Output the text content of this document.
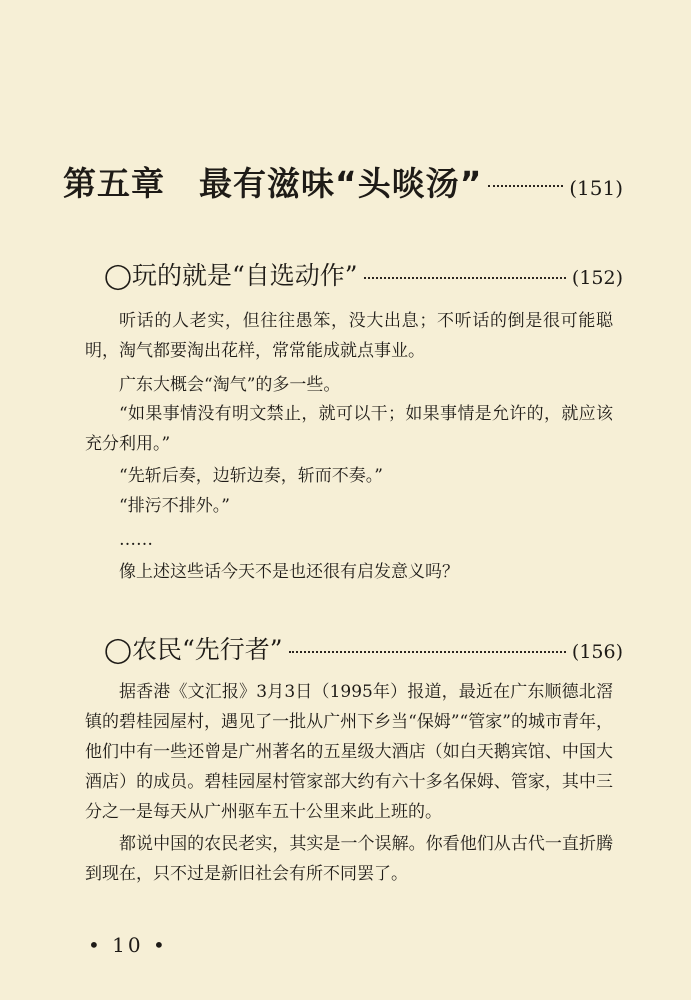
第五章　最有滋味“头啖汤”	(151)
◯玩的就是“自选动作”	(152)

听话的人老实，但往往愚笨，没大出息；不听话的倒是很可能聪明，淘气都要淘出花样，常常能成就点事业。

广东大概会“淘气”的多一些。

“如果事情没有明文禁止，就可以干；如果事情是允许的，就应该充分利用。”

“先斩后奏，边斩边奏，斩而不奏。”

“排污不排外。”

……

像上述这些话今天不是也还很有启发意义吗？

◯农民“先行者”	(156)

据香港《文汇报》3月3日（1995年）报道，最近在广东顺德北滘镇的碧桂园屋村，遇见了一批从广州下乡当“保姆”“管家”的城市青年，他们中有一些还曾是广州著名的五星级大酒店（如白天鹅宾馆、中国大酒店）的成员。碧桂园屋村管家部大约有六十多名保姆、管家，其中三分之一是每天从广州驱车五十公里来此上班的。

都说中国的农民老实，其实是一个误解。你看他们从古代一直折腾到现在，只不过是新旧社会有所不同罢了。

• 10 •
